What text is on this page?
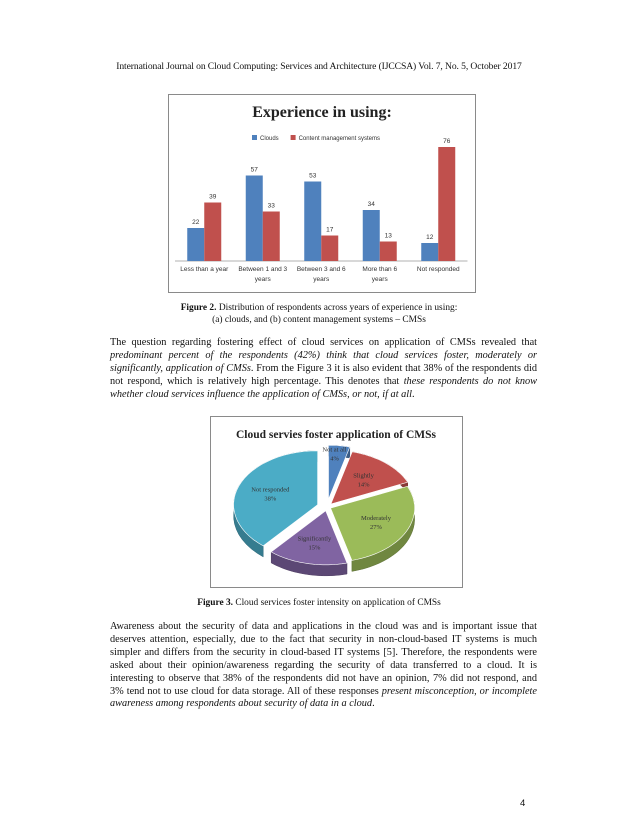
International Journal on Cloud Computing: Services and Architecture (IJCCSA) Vol. 7, No. 5, October 2017
Experience in using:
Clouds	Content management systems
22
39
Less than a year
57
33
Between 1 and 3
years
53
17
Between 3 and 6
years
34
13
More than 6
years
12
76
Not responded
Figure 2. Distribution of respondents across years of experience in using:
(a) clouds, and (b) content management systems – CMSs

The question regarding fostering effect of cloud services on application of CMSs revealed that predominant percent of the respondents (42%) think that cloud services foster, moderately or significantly, application of CMSs. From the Figure 3 it is also evident that 38% of the respondents did not respond, which is relatively high percentage. This denotes that these respondents do not know whether cloud services influence the application of CMSs, or not, if at all.

Cloud servies foster application of CMSs
Not at all
4%
Slightly
14%
Moderately
27%
Significantly
15%
Not responded
38%
Figure 3. Cloud services foster intensity on application of CMSs

Awareness about the security of data and applications in the cloud was and is important issue that deserves attention, especially, due to the fact that security in non-cloud-based IT systems is much simpler and differs from the security in cloud-based IT systems [5]. Therefore, the respondents were asked about their opinion/awareness regarding the security of data transferred to a cloud. It is interesting to observe that 38% of the respondents did not have an opinion, 7% did not respond, and 3% tend not to use cloud for data storage. All of these responses present misconception, or incomplete awareness among respondents about security of data in a cloud.

4
